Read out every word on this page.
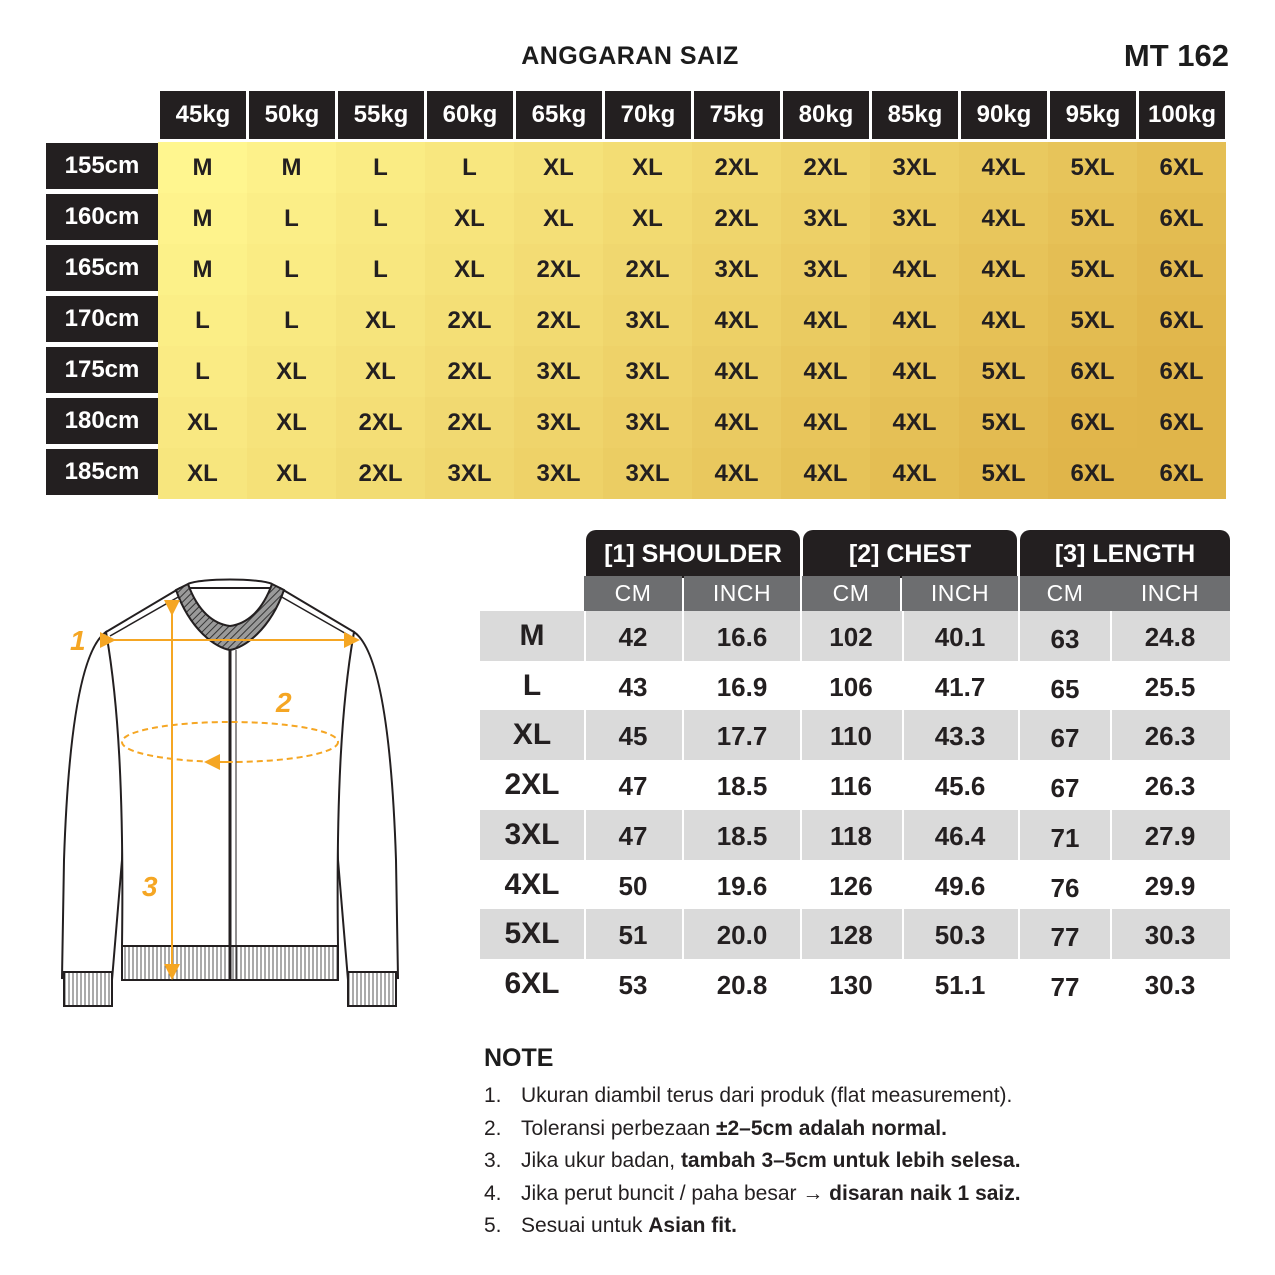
ANGGARAN SAIZ	MT 162
45kg	50kg	55kg	60kg	65kg	70kg	75kg	80kg	85kg	90kg	95kg	100kg
155cm	M	M	L	L	XL	XL	2XL	2XL	3XL	4XL	5XL	6XL
160cm	M	L	L	XL	XL	XL	2XL	3XL	3XL	4XL	5XL	6XL
165cm	M	L	L	XL	2XL	2XL	3XL	3XL	4XL	4XL	5XL	6XL
170cm	L	L	XL	2XL	2XL	3XL	4XL	4XL	4XL	4XL	5XL	6XL
175cm	L	XL	XL	2XL	3XL	3XL	4XL	4XL	4XL	5XL	6XL	6XL
180cm	XL	XL	2XL	2XL	3XL	3XL	4XL	4XL	4XL	5XL	6XL	6XL
185cm	XL	XL	2XL	3XL	3XL	3XL	4XL	4XL	4XL	5XL	6XL	6XL
1
2
3
[1] SHOULDER	[2] CHEST	[3] LENGTH
CM	INCH	CM	INCH	CM	INCH
M	42	16.6	102	40.1	63	24.8
L	43	16.9	106	41.7	65	25.5
XL	45	17.7	110	43.3	67	26.3
2XL	47	18.5	116	45.6	67	26.3
3XL	47	18.5	118	46.4	71	27.9
4XL	50	19.6	126	49.6	76	29.9
5XL	51	20.0	128	50.3	77	30.3
6XL	53	20.8	130	51.1	77	30.3
NOTE
1. Ukuran diambil terus dari produk (flat measurement).
2. Toleransi perbezaan ±2–5cm adalah normal.
3. Jika ukur badan, tambah 3–5cm untuk lebih selesa.
4. Jika perut buncit / paha besar → disaran naik 1 saiz.
5. Sesuai untuk Asian fit.
